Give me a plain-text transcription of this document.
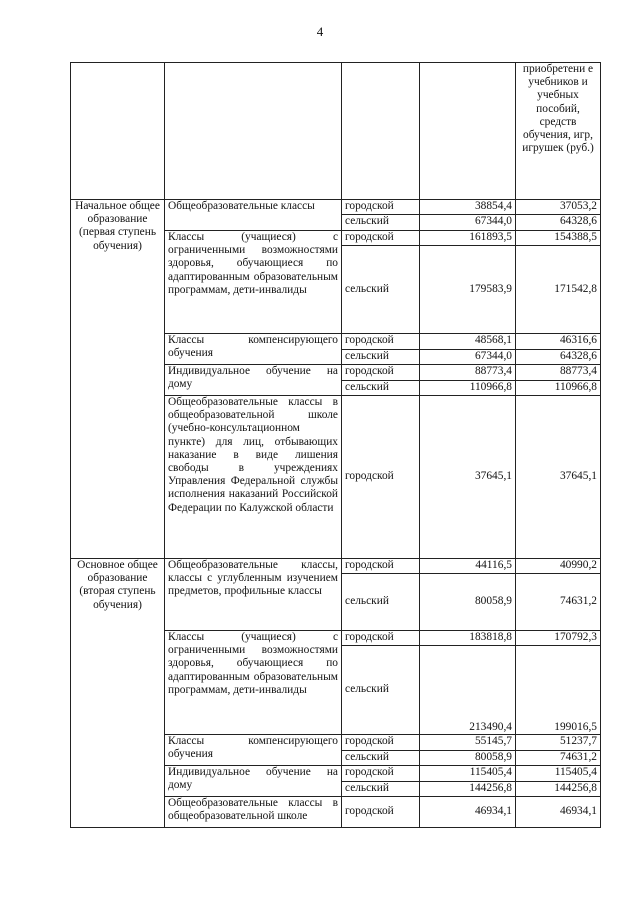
4
				приобретени е учебников и учебных пособий, средств обучения, игр, игрушек (руб.)
Начальное общее образование (первая ступень обучения)	Общеобразовательные классы	городской	38854,4	37053,2
		сельский	67344,0	64328,6
	Классы (учащиеся) с ограниченными возможностями здоровья, обучающиеся по адаптированным образовательным программам, дети-инвалиды	городской	161893,5	154388,5
		сельский	179583,9	171542,8
	Классы компенсирующего обучения	городской	48568,1	46316,6
		сельский	67344,0	64328,6
	Индивидуальное обучение на дому	городской	88773,4	88773,4
		сельский	110966,8	110966,8
	Общеобразовательные классы в общеобразовательной школе (учебно-консультационном пункте) для лиц, отбывающих наказание в виде лишения свободы в учреждениях Управления Федеральной службы исполнения наказаний Российской Федерации по Калужской области	городской	37645,1	37645,1
Основное общее образование (вторая ступень обучения)	Общеобразовательные классы, классы с углубленным изучением предметов, профильные классы	городской	44116,5	40990,2
		сельский	80058,9	74631,2
	Классы (учащиеся) с ограниченными возможностями здоровья, обучающиеся по адаптированным образовательным программам, дети-инвалиды	городской	183818,8	170792,3
		сельский	213490,4	199016,5
	Классы компенсирующего обучения	городской	55145,7	51237,7
		сельский	80058,9	74631,2
	Индивидуальное обучение на дому	городской	115405,4	115405,4
		сельский	144256,8	144256,8
	Общеобразовательные классы в общеобразовательной школе	городской	46934,1	46934,1
